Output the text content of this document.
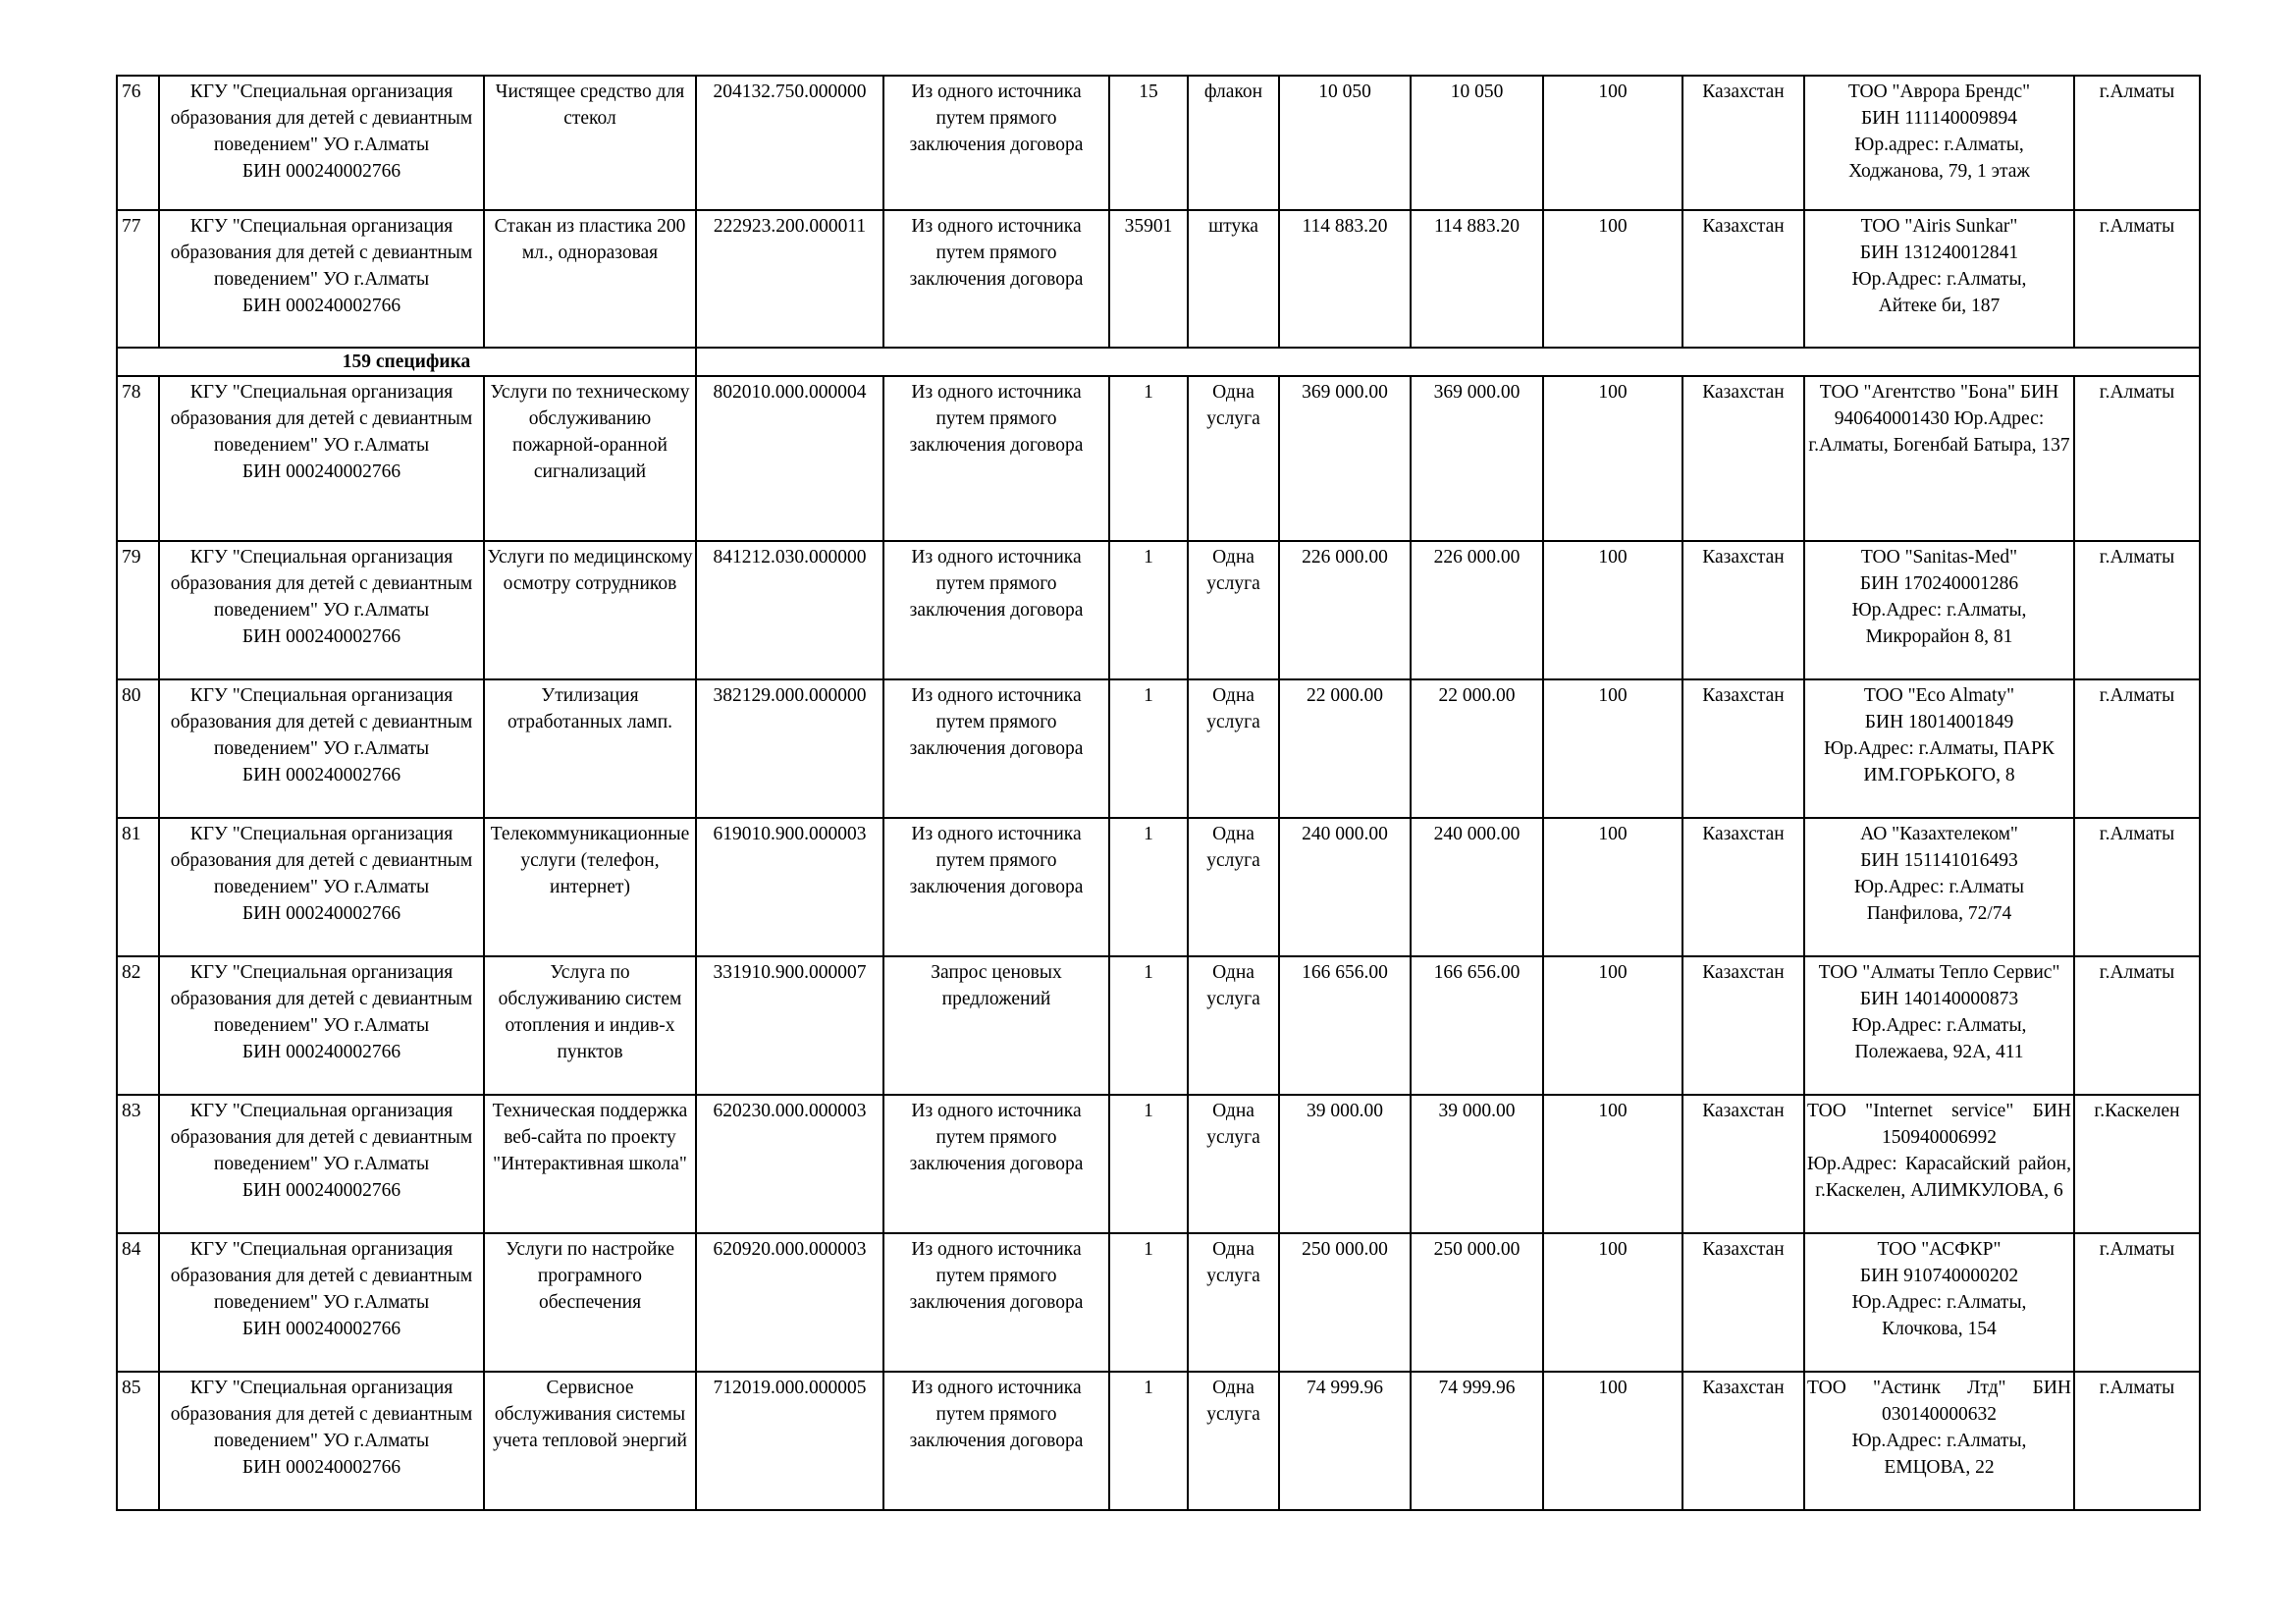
76	КГУ "Специальная организация образования для детей с девиантным поведением" УО г.Алматы
БИН 000240002766	Чистящее средство для стекол	204132.750.000000	Из одного источника путем прямого заключения договора	15	флакон	10 050	10 050	100	Казахстан	ТОО "Аврора Брендс"
БИН 111140009894
Юр.адрес: г.Алматы,
Ходжанова, 79, 1 этаж	г.Алматы
77	КГУ "Специальная организация образования для детей с девиантным поведением" УО г.Алматы
БИН 000240002766	Стакан из пластика 200 мл., одноразовая	222923.200.000011	Из одного источника путем прямого заключения договора	35901	штука	114 883.20	114 883.20	100	Казахстан	ТОО "Airis Sunkar"
БИН 131240012841
Юр.Адрес: г.Алматы,
Айтеке би, 187	г.Алматы
159 специфика												
78	КГУ "Специальная организация образования для детей с девиантным поведением" УО г.Алматы
БИН 000240002766	Услуги по техническому обслуживанию пожарной-оранной сигнализаций	802010.000.000004	Из одного источника путем прямого заключения договора	1	Одна услуга	369 000.00	369 000.00	100	Казахстан	ТОО "Агентство "Бона" БИН 940640001430 Юр.Адрес: г.Алматы, Богенбай Батыра, 137	г.Алматы
79	КГУ "Специальная организация образования для детей с девиантным поведением" УО г.Алматы
БИН 000240002766	Услуги по медицинскому осмотру сотрудников	841212.030.000000	Из одного источника путем прямого заключения договора	1	Одна услуга	226 000.00	226 000.00	100	Казахстан	ТОО "Sanitas-Med"
БИН 170240001286
Юр.Адрес: г.Алматы,
Микрорайон 8, 81	г.Алматы
80	КГУ "Специальная организация образования для детей с девиантным поведением" УО г.Алматы
БИН 000240002766	Утилизация отработанных ламп.	382129.000.000000	Из одного источника путем прямого заключения договора	1	Одна услуга	22 000.00	22 000.00	100	Казахстан	ТОО "Eco Almaty"
БИН 18014001849
Юр.Адрес: г.Алматы, ПАРК ИМ.ГОРЬКОГО, 8	г.Алматы
81	КГУ "Специальная организация образования для детей с девиантным поведением" УО г.Алматы
БИН 000240002766	Телекоммуникационные услуги (телефон, интернет)	619010.900.000003	Из одного источника путем прямого заключения договора	1	Одна услуга	240 000.00	240 000.00	100	Казахстан	АО "Казахтелеком"
БИН 151141016493
Юр.Адрес: г.Алматы
Панфилова, 72/74	г.Алматы
82	КГУ "Специальная организация образования для детей с девиантным поведением" УО г.Алматы
БИН 000240002766	Услуга по обслуживанию систем отопления и индив-х пунктов	331910.900.000007	Запрос ценовых предложений	1	Одна услуга	166 656.00	166 656.00	100	Казахстан	ТОО "Алматы Тепло Сервис"
БИН 140140000873
Юр.Адрес: г.Алматы,
Полежаева, 92А, 411	г.Алматы
83	КГУ "Специальная организация образования для детей с девиантным поведением" УО г.Алматы
БИН 000240002766	Техническая поддержка веб-сайта по проекту "Интерактивная школа"	620230.000.000003	Из одного источника путем прямого заключения договора	1	Одна услуга	39 000.00	39 000.00	100	Казахстан	ТОО "Internet service" БИН 150940006992
Юр.Адрес: Карасайский район, г.Каскелен, АЛИМКУЛОВА, 6	г.Каскелен
84	КГУ "Специальная организация образования для детей с девиантным поведением" УО г.Алматы
БИН 000240002766	Услуги по настройке програмного обеспечения	620920.000.000003	Из одного источника путем прямого заключения договора	1	Одна услуга	250 000.00	250 000.00	100	Казахстан	ТОО "АСФКР"
БИН 910740000202
Юр.Адрес: г.Алматы,
Клочкова, 154	г.Алматы
85	КГУ "Специальная организация образования для детей с девиантным поведением" УО г.Алматы
БИН 000240002766	Сервисное обслуживания системы учета тепловой энергий	712019.000.000005	Из одного источника путем прямого заключения договора	1	Одна услуга	74 999.96	74 999.96	100	Казахстан	ТОО "Астинк Лтд" БИН 030140000632
Юр.Адрес: г.Алматы,
ЕМЦОВА, 22	г.Алматы
